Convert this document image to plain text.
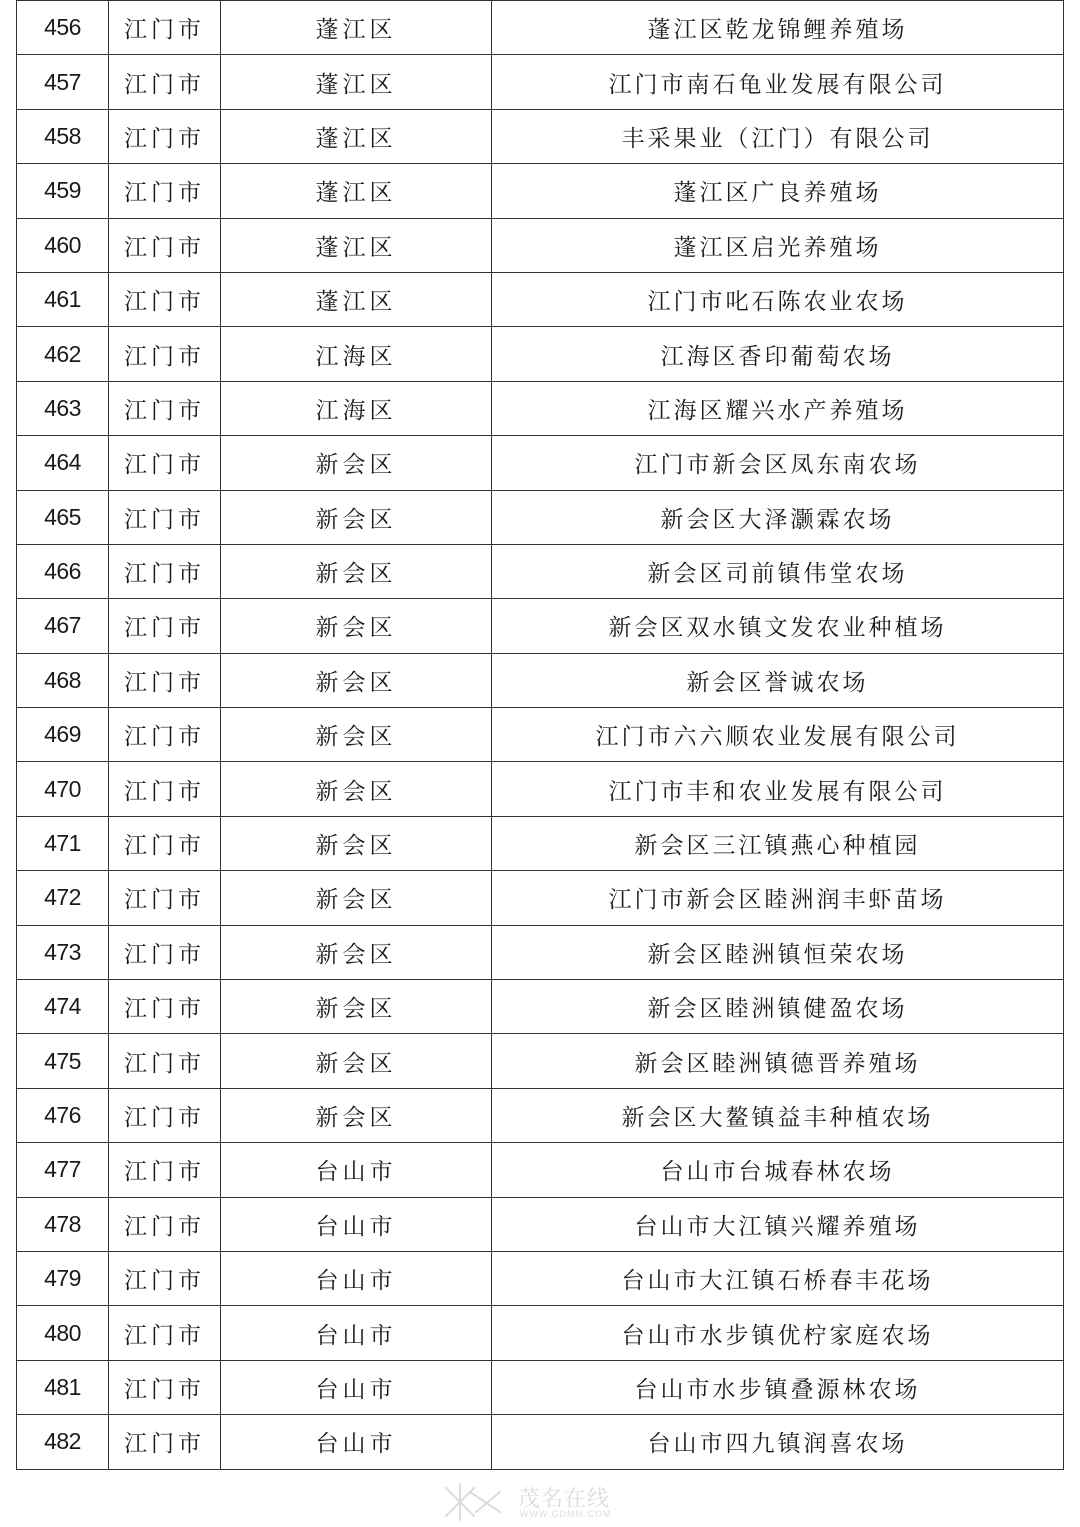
456	江门市	蓬江区	蓬江区乾龙锦鲤养殖场
457	江门市	蓬江区	江门市南石龟业发展有限公司
458	江门市	蓬江区	丰采果业（江门）有限公司
459	江门市	蓬江区	蓬江区广良养殖场
460	江门市	蓬江区	蓬江区启光养殖场
461	江门市	蓬江区	江门市叱石陈农业农场
462	江门市	江海区	江海区香印葡萄农场
463	江门市	江海区	江海区耀兴水产养殖场
464	江门市	新会区	江门市新会区凤东南农场
465	江门市	新会区	新会区大泽灏霖农场
466	江门市	新会区	新会区司前镇伟堂农场
467	江门市	新会区	新会区双水镇文发农业种植场
468	江门市	新会区	新会区誉诚农场
469	江门市	新会区	江门市六六顺农业发展有限公司
470	江门市	新会区	江门市丰和农业发展有限公司
471	江门市	新会区	新会区三江镇燕心种植园
472	江门市	新会区	江门市新会区睦洲润丰虾苗场
473	江门市	新会区	新会区睦洲镇恒荣农场
474	江门市	新会区	新会区睦洲镇健盈农场
475	江门市	新会区	新会区睦洲镇德晋养殖场
476	江门市	新会区	新会区大鳌镇益丰种植农场
477	江门市	台山市	台山市台城春林农场
478	江门市	台山市	台山市大江镇兴耀养殖场
479	江门市	台山市	台山市大江镇石桥春丰花场
480	江门市	台山市	台山市水步镇优柠家庭农场
481	江门市	台山市	台山市水步镇叠源林农场
482	江门市	台山市	台山市四九镇润喜农场
茂名在线
WWW.GDMM.COM
